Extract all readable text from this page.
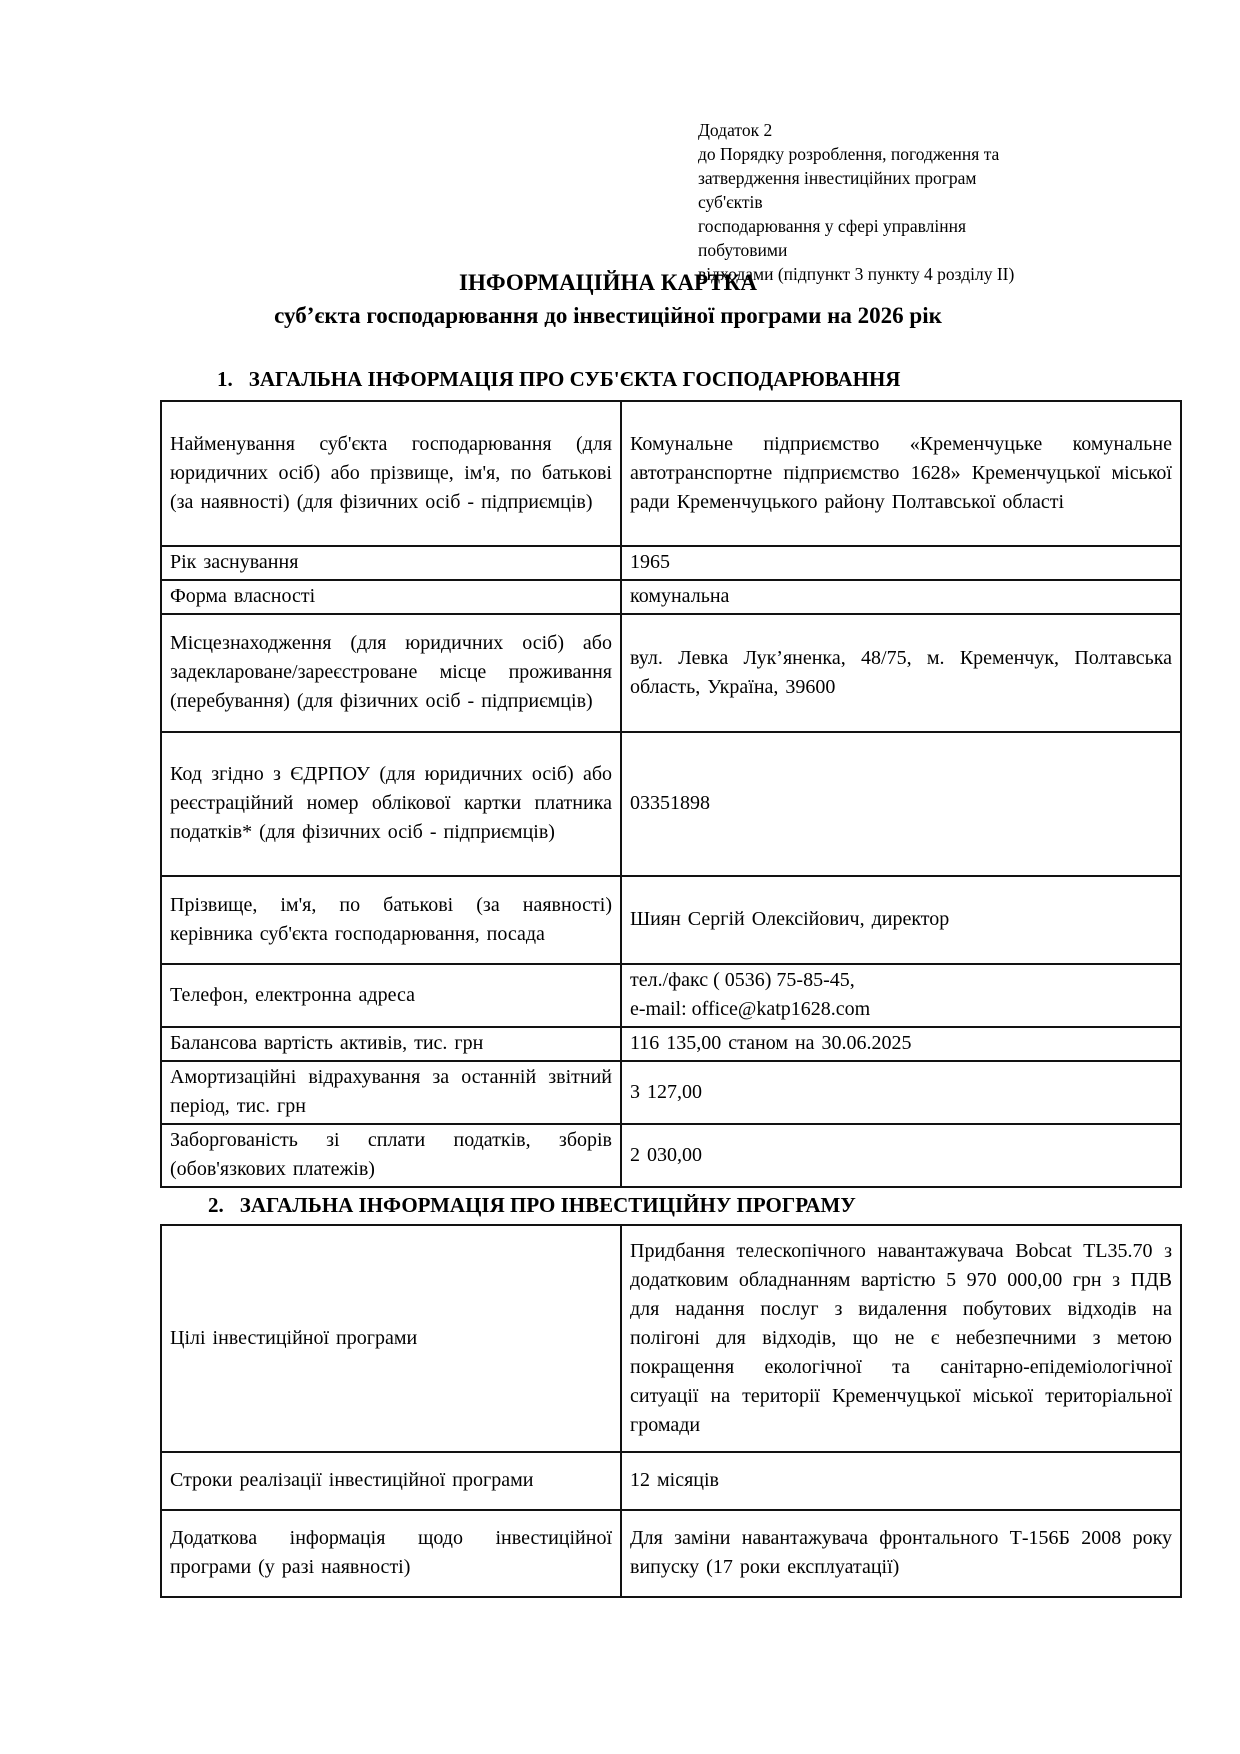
Додаток 2
до Порядку розроблення, погодження та
затвердження інвестиційних програм суб'єктів
господарювання у сфері управління побутовими
відходами (підпункт 3 пункту 4 розділу II)
ІНФОРМАЦІЙНА КАРТКА
суб’єкта господарювання до інвестиційної програми на 2026 рік
1. ЗАГАЛЬНА ІНФОРМАЦІЯ ПРО СУБ'ЄКТА ГОСПОДАРЮВАННЯ
Найменування суб'єкта господарювання (для юридичних осіб) або прізвище, ім'я, по батькові (за наявності) (для фізичних осіб - підприємців)	Комунальне підприємство «Кременчуцьке комунальне автотранспортне підприємство 1628» Кременчуцької міської ради Кременчуцького району Полтавської області
Рік заснування	1965
Форма власності	комунальна
Місцезнаходження (для юридичних осіб) або задеклароване/зареєстроване місце проживання (перебування) (для фізичних осіб - підприємців)	вул. Левка Лук’яненка, 48/75, м. Кременчук, Полтавська область, Україна, 39600
Код згідно з ЄДРПОУ (для юридичних осіб) або реєстраційний номер облікової картки платника податків* (для фізичних осіб - підприємців)	03351898
Прізвище, ім'я, по батькові (за наявності) керівника суб'єкта господарювання, посада	Шиян Сергій Олексійович, директор
Телефон, електронна адреса	тел./факс ( 0536) 75-85-45,
e-mail: office@katp1628.com

Балансова вартість активів, тис. грн	116 135,00 станом на 30.06.2025
Амортизаційні відрахування за останній звітний період, тис. грн	3 127,00
Заборгованість зі сплати податків, зборів (обов'язкових платежів)	2 030,00
2. ЗАГАЛЬНА ІНФОРМАЦІЯ ПРО ІНВЕСТИЦІЙНУ ПРОГРАМУ
Цілі інвестиційної програми	Придбання телескопічного навантажувача Bobcat TL35.70 з додатковим обладнанням вартістю 5 970 000,00 грн з ПДВ для надання послуг з видалення побутових відходів на полігоні для відходів, що не є небезпечними з метою покращення екологічної та санітарно-епідеміологічної ситуації на території Кременчуцької міської територіальної громади
Строки реалізації інвестиційної програми	12 місяців
Додаткова інформація щодо інвестиційної програми (у разі наявності)	Для заміни навантажувача фронтального Т-156Б 2008 року випуску (17 роки експлуатації)
